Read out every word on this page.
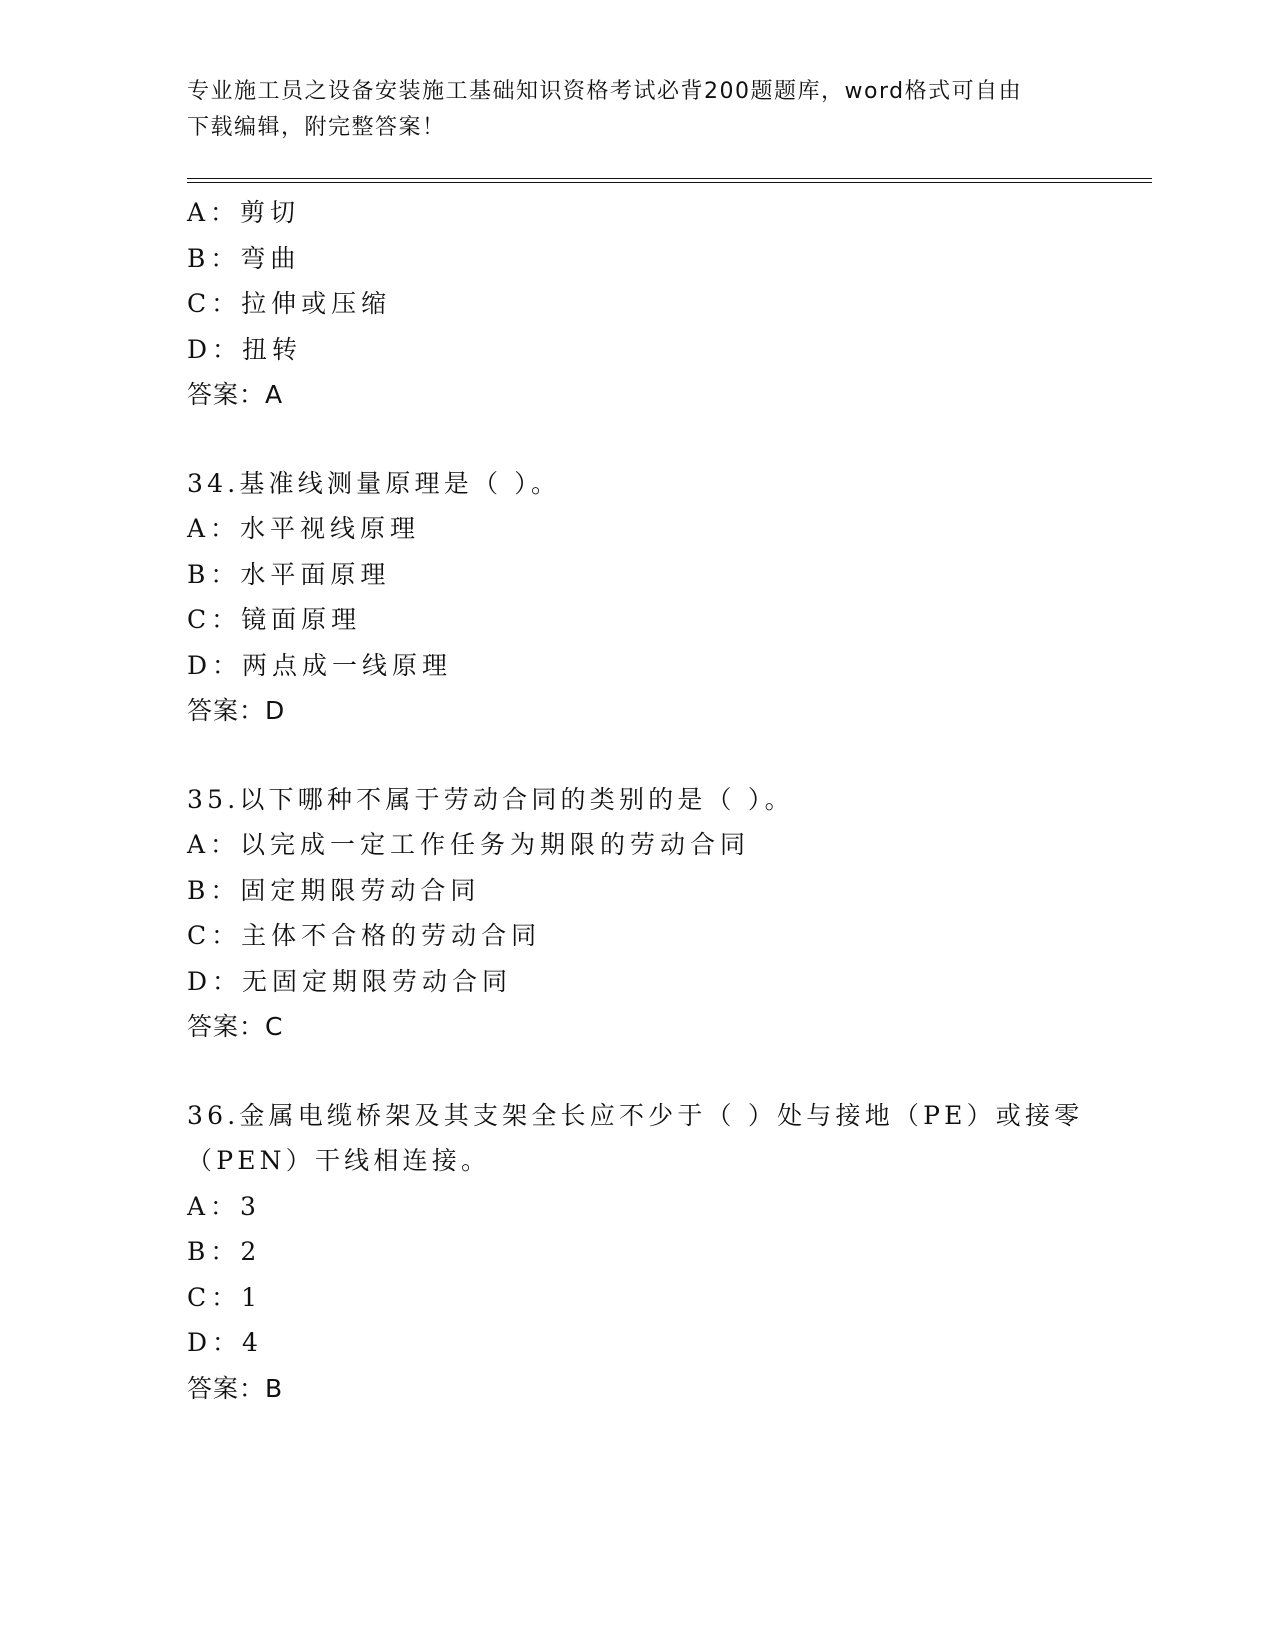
专业施工员之设备安装施工基础知识资格考试必背200题题库，word格式可自由
下载编辑，附完整答案！
A：剪切
B：弯曲
C：拉伸或压缩
D：扭转
答案：A
34.基准线测量原理是（ ）。
A：水平视线原理
B：水平面原理
C：镜面原理
D：两点成一线原理
答案：D
35.以下哪种不属于劳动合同的类别的是（ ）。
A：以完成一定工作任务为期限的劳动合同
B：固定期限劳动合同
C：主体不合格的劳动合同
D：无固定期限劳动合同
答案：C
36.金属电缆桥架及其支架全长应不少于（ ）处与接地（PE）或接零（PEN）干线相连接。
A：3
B：2
C：1
D：4
答案：B
